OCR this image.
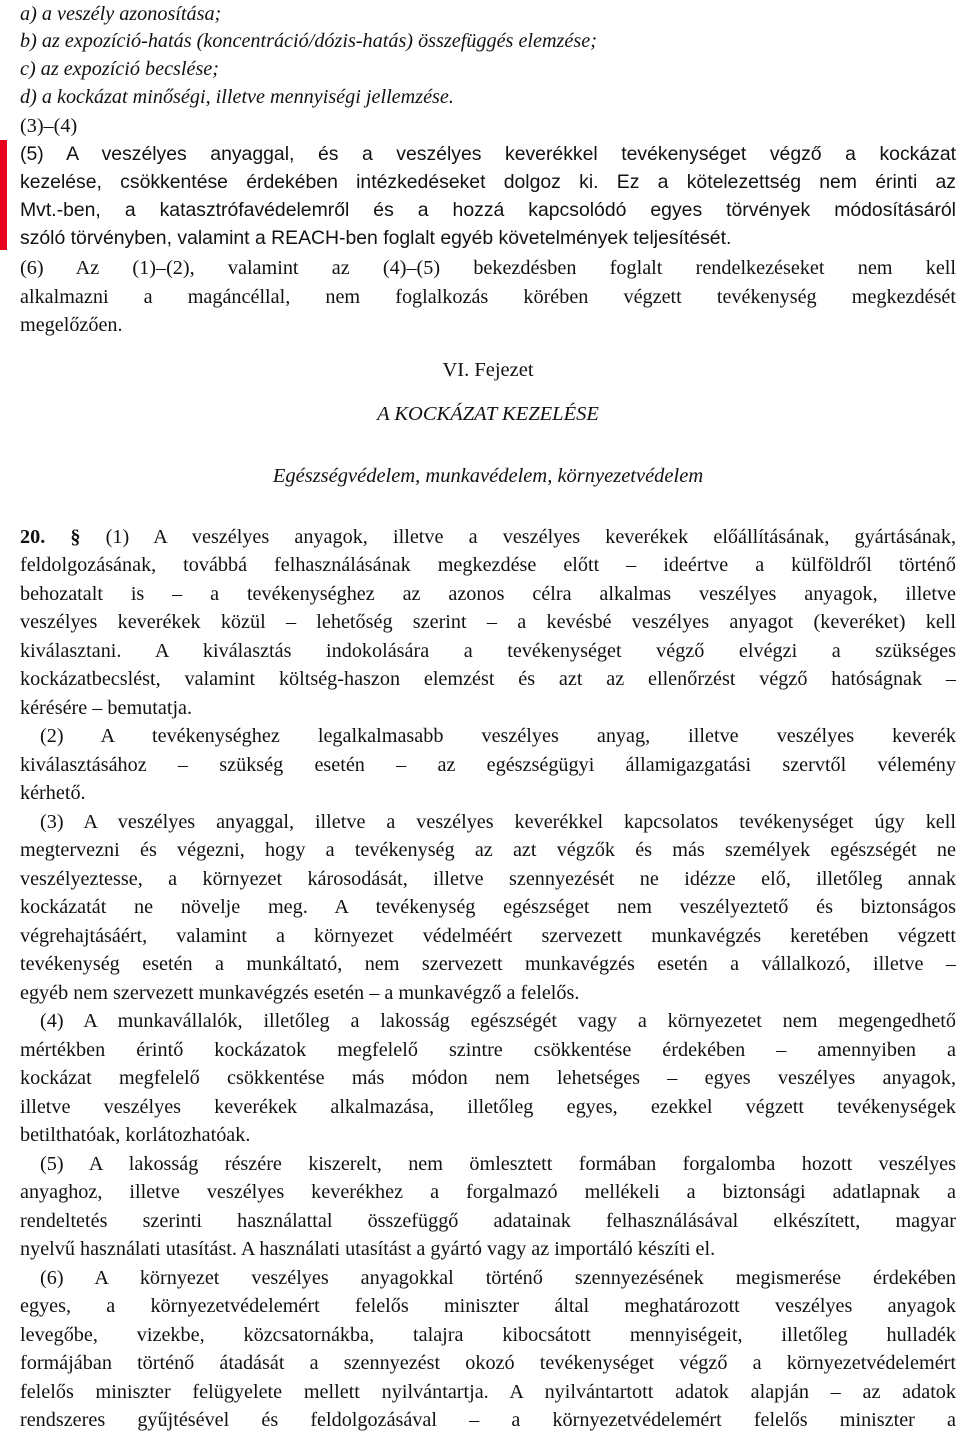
a) a veszély azonosítása;
b) az expozíció-hatás (koncentráció/dózis-hatás) összefüggés elemzése;
c) az expozíció becslése;
d) a kockázat minőségi, illetve mennyiségi jellemzése.
(3)–(4)
(5) A veszélyes anyaggal, és a veszélyes keverékkel tevékenységet végző a kockázat
kezelése, csökkentése érdekében intézkedéseket dolgoz ki. Ez a kötelezettség nem érinti az
Mvt.-ben, a katasztrófavédelemről és a hozzá kapcsolódó egyes törvények módosításáról
szóló törvényben, valamint a REACH-ben foglalt egyéb követelmények teljesítését.
(6) Az (1)–(2), valamint az (4)–(5) bekezdésben foglalt rendelkezéseket nem kell
alkalmazni a magáncéllal, nem foglalkozás körében végzett tevékenység megkezdését
megelőzően.
VI. Fejezet
A KOCKÁZAT KEZELÉSE
Egészségvédelem, munkavédelem, környezetvédelem
20. § (1) A veszélyes anyagok, illetve a veszélyes keverékek előállításának, gyártásának,
feldolgozásának, továbbá felhasználásának megkezdése előtt – ideértve a külföldről történő
behozatalt is – a tevékenységhez az azonos célra alkalmas veszélyes anyagok, illetve
veszélyes keverékek közül – lehetőség szerint – a kevésbé veszélyes anyagot (keveréket) kell
kiválasztani. A kiválasztás indokolására a tevékenységet végző elvégzi a szükséges
kockázatbecslést, valamint költség-haszon elemzést és azt az ellenőrzést végző hatóságnak –
kérésére – bemutatja.
(2) A tevékenységhez legalkalmasabb veszélyes anyag, illetve veszélyes keverék
kiválasztásához – szükség esetén – az egészségügyi államigazgatási szervtől vélemény
kérhető.
(3) A veszélyes anyaggal, illetve a veszélyes keverékkel kapcsolatos tevékenységet úgy kell
megtervezni és végezni, hogy a tevékenység az azt végzők és más személyek egészségét ne
veszélyeztesse, a környezet károsodását, illetve szennyezését ne idézze elő, illetőleg annak
kockázatát ne növelje meg. A tevékenység egészséget nem veszélyeztető és biztonságos
végrehajtásáért, valamint a környezet védelméért szervezett munkavégzés keretében végzett
tevékenység esetén a munkáltató, nem szervezett munkavégzés esetén a vállalkozó, illetve –
egyéb nem szervezett munkavégzés esetén – a munkavégző a felelős.
(4) A munkavállalók, illetőleg a lakosság egészségét vagy a környezetet nem megengedhető
mértékben érintő kockázatok megfelelő szintre csökkentése érdekében – amennyiben a
kockázat megfelelő csökkentése más módon nem lehetséges – egyes veszélyes anyagok,
illetve veszélyes keverékek alkalmazása, illetőleg egyes, ezekkel végzett tevékenységek
betilthatóak, korlátozhatóak.
(5) A lakosság részére kiszerelt, nem ömlesztett formában forgalomba hozott veszélyes
anyaghoz, illetve veszélyes keverékhez a forgalmazó mellékeli a biztonsági adatlapnak a
rendeltetés szerinti használattal összefüggő adatainak felhasználásával elkészített, magyar
nyelvű használati utasítást. A használati utasítást a gyártó vagy az importáló készíti el.
(6) A környezet veszélyes anyagokkal történő szennyezésének megismerése érdekében
egyes, a környezetvédelemért felelős miniszter által meghatározott veszélyes anyagok
levegőbe, vizekbe, közcsatornákba, talajra kibocsátott mennyiségeit, illetőleg hulladék
formájában történő átadását a szennyezést okozó tevékenységet végző a környezetvédelemért
felelős miniszter felügyelete mellett nyilvántartja. A nyilvántartott adatok alapján – az adatok
rendszeres gyűjtésével és feldolgozásával – a környezetvédelemért felelős miniszter a
